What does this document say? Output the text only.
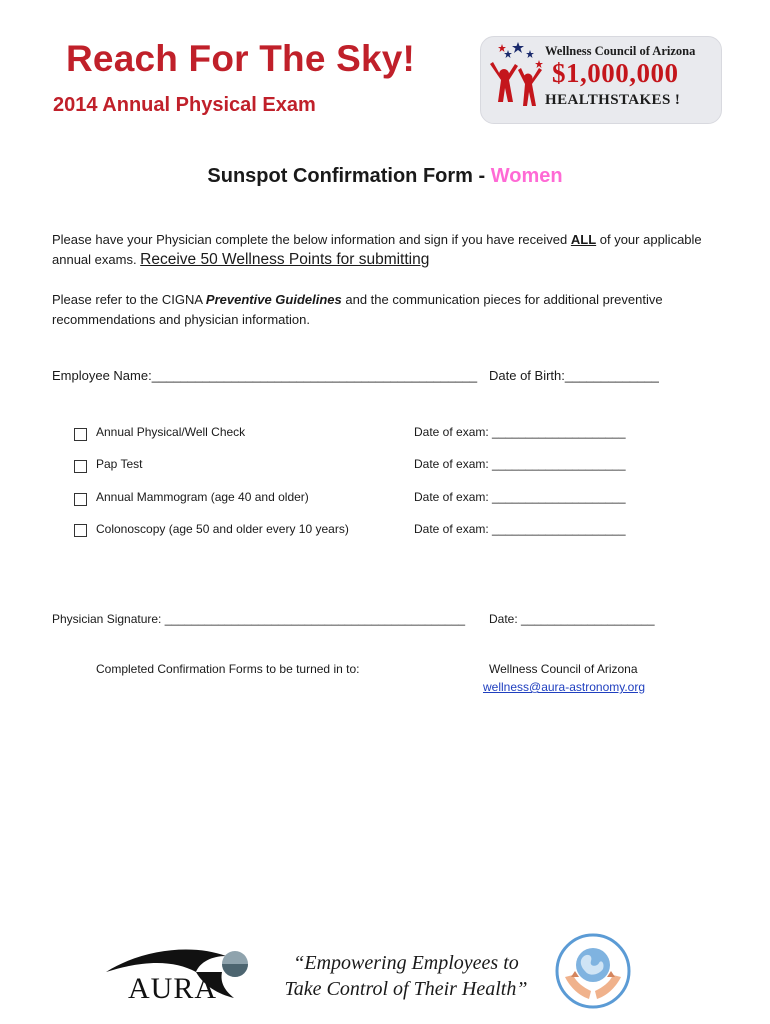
Reach For The Sky!
2014 Annual Physical Exam
Wellness Council of Arizona
$1,000,000
HEALTHSTAKES !
Sunspot Confirmation Form - Women
Please have your Physician complete the below information and sign if you have received ALL of your applicable annual exams. Receive 50 Wellness Points for submitting
Please refer to the CIGNA Preventive Guidelines and the communication pieces for additional preventive recommendations and physician information.
Employee Name:_____________________________________________ Date of Birth:_____________
Annual Physical/Well Check	Date of exam: ____________________
Pap Test	Date of exam: ____________________
Annual Mammogram (age 40 and older)	Date of exam: ____________________
Colonoscopy (age 50 and older every 10 years)	Date of exam: ____________________
Physician Signature: _____________________________________________ Date: ____________________
Completed Confirmation Forms to be turned in to:	Wellness Council of Arizona
wellness@aura-astronomy.org
AURA
“Empowering Employees to
Take Control of Their Health”
